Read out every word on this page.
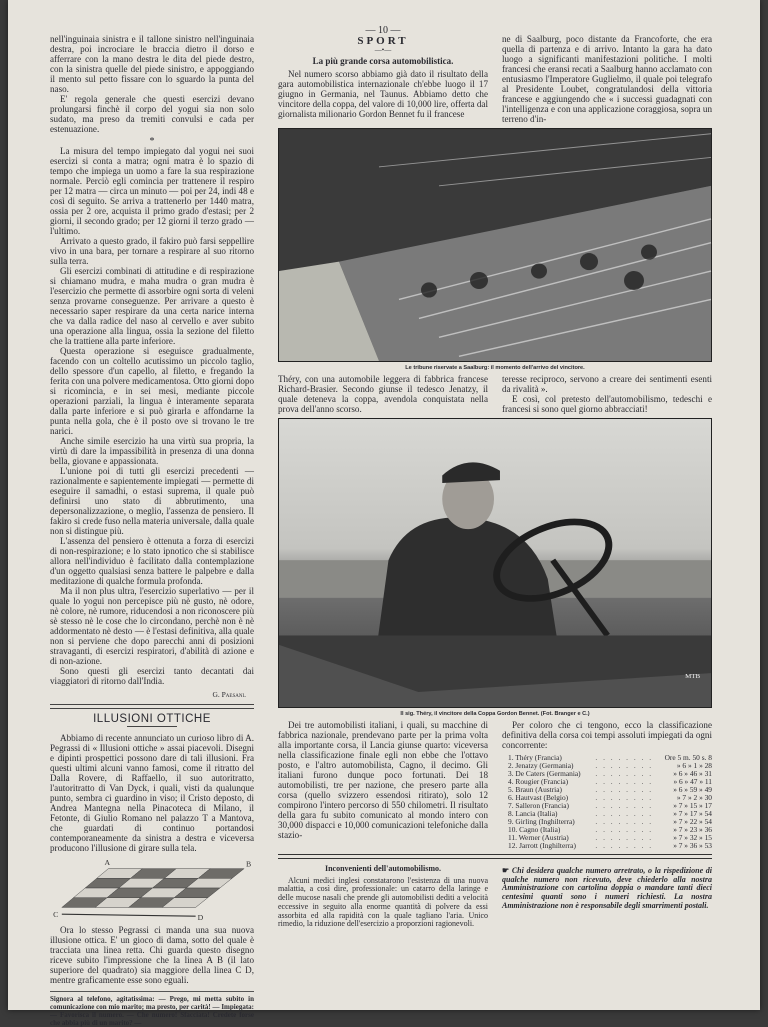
nell'inguinaia sinistra e il tallone sinistro nell'inguinaia destra, poi incrociare le braccia dietro il dorso e afferrare con la mano destra le dita del piede destro, con la sinistra quelle del piede sinistro, e appoggiando il mento sul petto fissare con lo sguardo la punta del naso.

E' regola generale che questi esercizi devano prolungarsi finchè il corpo del yogui sia non solo sudato, ma preso da tremiti convulsi e cada per estenuazione.

*

La misura del tempo impiegato dal yogui nei suoi esercizi si conta a matra; ogni matra è lo spazio di tempo che impiega un uomo a fare la sua respirazione normale. Perciò egli comincia per trattenere il respiro per 12 matra — circa un minuto — poi per 24, indi 48 e così di seguito. Se arriva a trattenerlo per 1440 matra, ossia per 2 ore, acquista il primo grado d'estasi; per 2 giorni, il secondo grado; per 12 giorni il terzo grado — l'ultimo.

Arrivato a questo grado, il fakiro può farsi seppellire vivo in una bara, per tornare a respirare al suo ritorno sulla terra.

Gli esercizi combinati di attitudine e di respirazione si chiamano mudra, e maha mudra o gran mudra è l'esercizio che permette di assorbire ogni sorta di veleni senza provarne conseguenze. Per arrivare a questo è necessario saper respirare da una certa narice interna che va dalla radice del naso al cervello e aver subito una operazione alla lingua, ossia la sezione del filetto che la trattiene alla parte inferiore.

Questa operazione si eseguisce gradualmente, facendo con un coltello acutissimo un piccolo taglio, dello spessore d'un capello, al filetto, e fregando la ferita con una polvere medicamentosa. Otto giorni dopo si ricomincia, e in sei mesi, mediante piccole operazioni parziali, la lingua è interamente separata dalla parte inferiore e si può girarla e affondarne la punta nella gola, che è il posto ove si trovano le tre narici.

Anche simile esercizio ha una virtù sua propria, la virtù di dare la impassibilità in presenza di una donna bella, giovane e appassionata.

L'unione poi di tutti gli esercizi precedenti — razionalmente e sapientemente impiegati — permette di eseguire il samadhi, o estasi suprema, il quale può definirsi uno stato di abbrutimento, una depersonalizzazione, o meglio, l'assenza de pensiero. Il fakiro si crede fuso nella materia universale, dalla quale non si distingue più.

L'assenza del pensiero è ottenuta a forza di esercizi di non-respirazione; e lo stato ipnotico che si stabilisce allora nell'individuo è facilitato dalla contemplazione d'un oggetto qualsiasi senza battere le palpebre e dalla meditazione di qualche formula profonda.

Ma il non plus ultra, l'esercizio superlativo — per il quale lo yogui non percepisce più nè gusto, nè odore, nè colore, nè rumore, riducendosi a non riconoscere più sè stesso nè le cose che lo circondano, perchè non è nè addormentato nè desto — è l'estasi definitiva, alla quale non si perviene che dopo parecchi anni di posizioni stravaganti, di esercizi respiratori, d'abilità di azione e di non-azione.

Sono questi gli esercizi tanto decantati dai viaggiatori di ritorno dall'India.

G. Paesani.
ILLUSIONI OTTICHE

Abbiamo di recente annunciato un curioso libro di A. Pegrassi di « Illusioni ottiche » assai piacevoli. Disegni e dipinti prospettici possono dare di tali illusioni. Fra questi ultimi alcuni vanno famosi, come il ritratto del Dalla Rovere, di Raffaello, il suo autoritratto, l'autoritratto di Van Dyck, i quali, visti da qualunque punto, sembra ci guardino in viso; il Cristo deposto, di Andrea Mantegna nella Pinacoteca di Milano, il Fetonte, di Giulio Romano nel palazzo T a Mantova, che guardati di continuo portandosi contemporaneamente da sinistra a destra e viceversa producono l'illusione di girare sulla tela.

A	B
C	D

Ora lo stesso Pegrassi ci manda una sua nuova illusione ottica. E' un gioco di dama, sotto del quale è tracciata una linea retta. Chi guarda questo disegno riceve subito l'impressione che la linea A B (il lato superiore del quadrato) sia maggiore della linea C D, mentre graficamente esse sono eguali.

Signora al telefono, agitatissima: — Prego, mi metta subito in comunicazione con mio marito; ma presto, per carità! — Impiegata: — Favorisca il numero. — Che numero! Sfacciata! Credete forse che abbia più di un marito? —
— 10 —
SPORT
—•—
La più grande corsa automobilistica.

Nel numero scorso abbiamo già dato il risultato della gara automobilistica internazionale ch'ebbe luogo il 17 giugno in Germania, nel Taunus. Abbiamo detto che vincitore della coppa, del valore di 10,000 lire, offerta dal giornalista milionario Gordon Bennet fu il francese

ne di Saalburg, poco distante da Francoforte, che era quella di partenza e di arrivo. Intanto la gara ha dato luogo a significanti manifestazioni politiche. I molti francesi che eransi recati a Saalburg hanno acclamato con entusiasmo l'Imperatore Guglielmo, il quale poi telegrafo al Presidente Loubet, congratulandosi della vittoria francese e aggiungendo che « i successi guadagnati con l'intelligenza e con una applicazione coraggiosa, sopra un terreno d'in-

Le tribune riservate a Saalburg: il momento dell'arrivo del vincitore.

Théry, con una automobile leggera di fabbrica francese Richard-Brasier. Secondo giunse il tedesco Jenatzy, il quale deteneva la coppa, avendola conquistata nella prova dell'anno scorso.

teresse reciproco, servono a creare dei sentimenti esenti da rivalità ».

E così, col pretesto dell'automobilismo, tedeschi e francesi si sono quel giorno abbracciati!

MTB
Il sig. Théry, il vincitore della Coppa Gordon Bennet. (Fot. Branger e C.)

Dei tre automobilisti italiani, i quali, su macchine di fabbrica nazionale, prendevano parte per la prima volta alla importante corsa, il Lancia giunse quarto: viceversa nella classificazione finale egli non ebbe che l'ottavo posto, e l'altro automobilista, Cagno, il decimo. Gli italiani furono dunque poco fortunati. Dei 18 automobilisti, tre per nazione, che presero parte alla corsa (quello svizzero essendosi ritirato), solo 12 compirono l'intero percorso di 550 chilometri. Il risultato della gara fu subito comunicato al mondo intero con 30,000 dispacci e 10,000 comunicazioni telefoniche dalla stazio-

Per coloro che ci tengono, ecco la classificazione definitiva della corsa coi tempi assoluti impiegati da ogni concorrente:

1. Théry (Francia)	. . . . . . . .	Ore 5 m. 50 s. 8
2. Jenatzy (Germania)	. . . . . . . .	» 6 » 1 » 28
3. De Caters (Germania)	. . . . . . . .	» 6 » 46 » 31
4. Rougier (Francia)	. . . . . . . .	» 6 » 47 » 11
5. Braun (Austria)	. . . . . . . .	» 6 » 59 » 49
6. Hautvast (Belgio)	. . . . . . . .	» 7 » 2 » 30
7. Salleron (Francia)	. . . . . . . .	» 7 » 15 » 17
8. Lancia (Italia)	. . . . . . . .	» 7 » 17 » 54
9. Girling (Inghilterra)	. . . . . . . .	» 7 » 22 » 54
10. Cagno (Italia)	. . . . . . . .	» 7 » 23 » 36
11. Werner (Austria)	. . . . . . . .	» 7 » 32 » 15
12. Jarrott (Inghilterra)	. . . . . . . .	» 7 » 36 » 53
Inconvenienti dell'automobilismo.

Alcuni medici inglesi constatarono l'esistenza di una nuova malattia, a così dire, professionale: un catarro della laringe e delle mucose nasali che prende gli automobilisti dediti a velocità eccessive in seguito alla enorme quantità di polvere da essi assorbita ed alla rapidità con la quale tagliano l'aria. Unico rimedio, la riduzione dell'esercizio a proporzioni ragionevoli.

☛ Chi desidera qualche numero arretrato, o la rispedizione di qualche numero non ricevuto, deve chiederlo alla nostra Amministrazione con cartolina doppia o mandare tanti dieci centesimi quanti sono i numeri richiesti. La nostra Amministrazione non è responsabile degli smarrimenti postali.
